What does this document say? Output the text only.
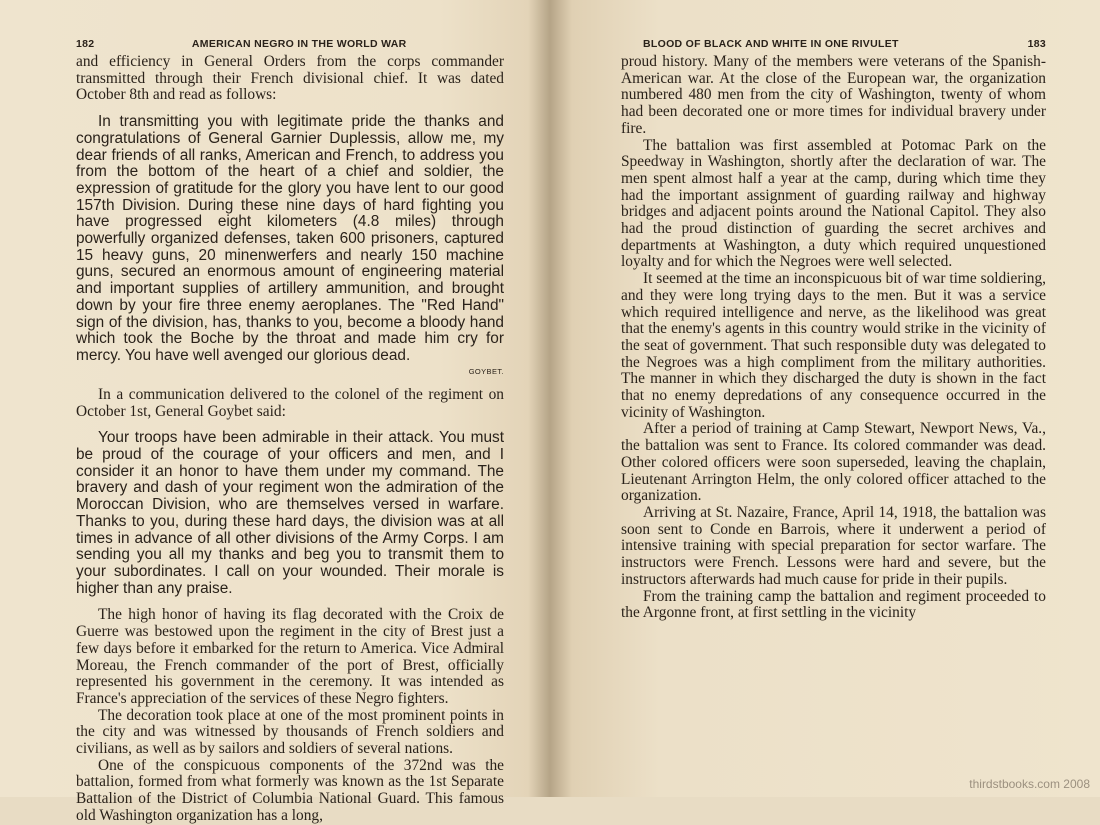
182	AMERICAN NEGRO IN THE WORLD WAR

and efficiency in General Orders from the corps commander transmitted through their French divisional chief. It was dated October 8th and read as follows:

In transmitting you with legitimate pride the thanks and congratulations of General Garnier Duplessis, allow me, my dear friends of all ranks, American and French, to address you from the bottom of the heart of a chief and soldier, the expression of gratitude for the glory you have lent to our good 157th Division. During these nine days of hard fighting you have progressed eight kilometers (4.8 miles) through powerfully organized defenses, taken 600 prisoners, captured 15 heavy guns, 20 minenwerfers and nearly 150 machine guns, secured an enormous amount of engineering material and important supplies of artillery ammunition, and brought down by your fire three enemy aeroplanes. The "Red Hand" sign of the division, has, thanks to you, become a bloody hand which took the Boche by the throat and made him cry for mercy. You have well avenged our glorious dead.

GOYBET.

In a communication delivered to the colonel of the regiment on October 1st, General Goybet said:

Your troops have been admirable in their attack. You must be proud of the courage of your officers and men, and I consider it an honor to have them under my command. The bravery and dash of your regiment won the admiration of the Moroccan Division, who are themselves versed in warfare. Thanks to you, during these hard days, the division was at all times in advance of all other divisions of the Army Corps. I am sending you all my thanks and beg you to transmit them to your subordinates. I call on your wounded. Their morale is higher than any praise.

The high honor of having its flag decorated with the Croix de Guerre was bestowed upon the regiment in the city of Brest just a few days before it embarked for the return to America. Vice Admiral Moreau, the French commander of the port of Brest, officially represented his government in the ceremony. It was intended as France's appreciation of the services of these Negro fighters.

The decoration took place at one of the most prominent points in the city and was witnessed by thousands of French soldiers and civilians, as well as by sailors and soldiers of several nations.

One of the conspicuous components of the 372nd was the battalion, formed from what formerly was known as the 1st Separate Battalion of the District of Columbia National Guard. This famous old Washington organization has a long,

BLOOD OF BLACK AND WHITE IN ONE RIVULET	183

proud history. Many of the members were veterans of the Spanish-American war. At the close of the European war, the organization numbered 480 men from the city of Washington, twenty of whom had been decorated one or more times for individual bravery under fire.

The battalion was first assembled at Potomac Park on the Speedway in Washington, shortly after the declaration of war. The men spent almost half a year at the camp, during which time they had the important assignment of guarding railway and highway bridges and adjacent points around the National Capitol. They also had the proud distinction of guarding the secret archives and departments at Washington, a duty which required unquestioned loyalty and for which the Negroes were well selected.

It seemed at the time an inconspicuous bit of war time soldiering, and they were long trying days to the men. But it was a service which required intelligence and nerve, as the likelihood was great that the enemy's agents in this country would strike in the vicinity of the seat of government. That such responsible duty was delegated to the Negroes was a high compliment from the military authorities. The manner in which they discharged the duty is shown in the fact that no enemy depredations of any consequence occurred in the vicinity of Washington.

After a period of training at Camp Stewart, Newport News, Va., the battalion was sent to France. Its colored commander was dead. Other colored officers were soon superseded, leaving the chaplain, Lieutenant Arrington Helm, the only colored officer attached to the organization.

Arriving at St. Nazaire, France, April 14, 1918, the battalion was soon sent to Conde en Barrois, where it underwent a period of intensive training with special preparation for sector warfare. The instructors were French. Lessons were hard and severe, but the instructors afterwards had much cause for pride in their pupils.

From the training camp the battalion and regiment proceeded to the Argonne front, at first settling in the vicinity

thirdstbooks.com 2008
